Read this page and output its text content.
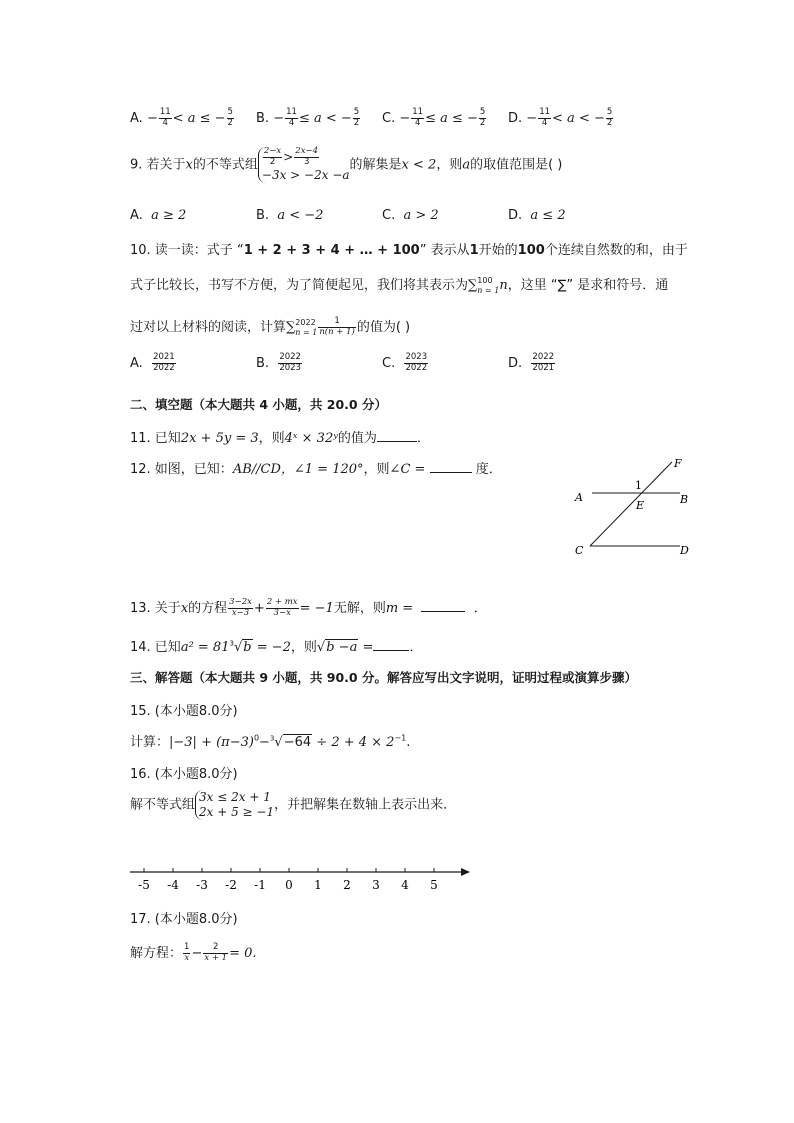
A. − $\frac{11}{4} < a$ ≤ − $\frac{5}{2} B$. − $\frac{11}{4} \le a$ < − $\frac{5}{2} C$. − $\frac{11}{4} \le a$ ≤ − $\frac{5}{2} D$. − $\frac{11}{4} < a$ < − $\frac{5}{2}$
9. 若关于x的不等式组 $\frac{2-x}{2} > \frac{2x-4}{3}$
−3x > −2x −a
的解集是x < 2，则a的取值范围是( )
A. a ≥ 2	B. a < −2	C. a > 2	D. a ≤ 2
10. 读一读：式子 “1 + 2 + 3 + 4 + … + 100” 表示从1开始的100个连续自然数的和，由于
式子比较长，书写不方便，为了简便起见，我们将其表示为∑ 100
n = 1 n，这里 “∑” 是求和符号．通
过对以上材料的阅读，计算∑ 2022
$n = 1 \frac{1}{n(n + 1)}$ 的值为( )
A. $\frac{2021}{2022}$	B. $\frac{2022}{2023}$	C. $\frac{2023}{2022}$	D. $\frac{2022}{2021}$
二、填空题（本大题共 4 小题，共 20.0 分）
11. 已知2x + 5y = 3，则4ˣ × 32ʸ的值为	．
12. 如图，已知：AB//CD，∠1 = 120°，则∠C =	度．	F
1
A	B
E
C	D
13. 关于x的方程 $\frac{3-2x}{x-3} + \frac{2 + mx}{3-x} = -1$无解，则m =	．
14. 已知$a^2 = 81^3√b = -2$，则√b −a =	．
三、解答题（本大题共 9 小题，共 90.0 分。解答应写出文字说明，证明过程或演算步骤）
15. (本小题8.0分)
计算：$|-3| + (\pi-3)^0-^3√-64 \div 2 + 4 \times 2^{-1}$.
16. (本小题8.0分)
解不等式组
3x ≤ 2x + 1
2x + 5 ≥ −1 ，并把解集在数轴上表示出来．
-5 -4 -3 -2 -1 0 1 2 3 4 5
17. (本小题8.0分)
解方程： $\frac{1}{x} - \frac{2}{x + 1} = 0$.
